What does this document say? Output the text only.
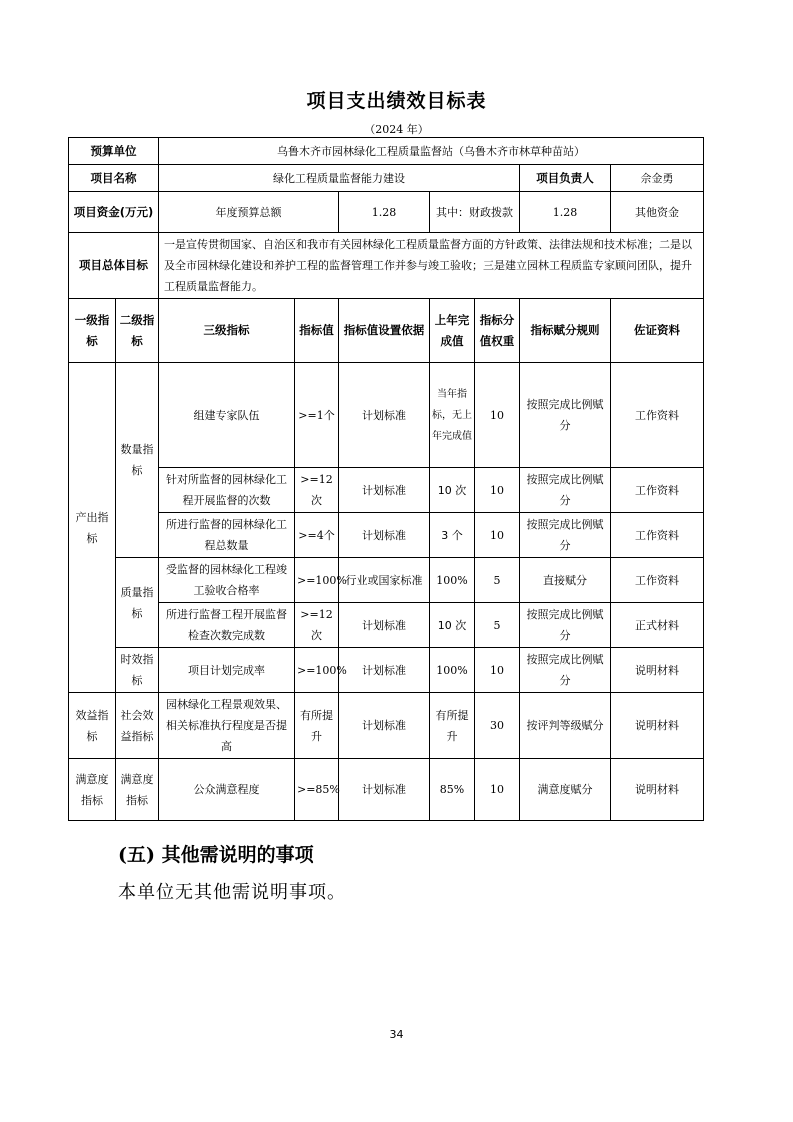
项目支出绩效目标表
（2024 年）
预算单位		乌鲁木齐市园林绿化工程质量监督站（乌鲁木齐市林草种苗站）						
项目名称		绿化工程质量监督能力建设					项目负责人	佘金勇
项目资金(万元)		年度预算总额		1.28	其中：财政拨款		1.28	其他资金
项目总体目标		一是宣传贯彻国家、自治区和我市有关园林绿化工程质量监督方面的方针政策、法律法规和技术标准；二是以及全市园林绿化建设和养护工程的监督管理工作并参与竣工验收；三是建立园林工程质监专家顾问团队，提升工程质量监督能力。						
一级指标	二级指标	三级指标	指标值	指标值设置依据	上年完成值	指标分值权重	指标赋分规则	佐证资料
产出指标	数量指标	组建专家队伍	>=1个	计划标准	当年指标，无上年完成值	10	按照完成比例赋分	工作资料
		针对所监督的园林绿化工程开展监督的次数	>=12次	计划标准	10 次	10	按照完成比例赋分	工作资料
		所进行监督的园林绿化工程总数量	>=4个	计划标准	3 个	10	按照完成比例赋分	工作资料
	质量指标	受监督的园林绿化工程竣工验收合格率	>=100%	行业或国家标准	100%	5	直接赋分	工作资料
		所进行监督工程开展监督检查次数完成数	>=12次	计划标准	10 次	5	按照完成比例赋分	正式材料
	时效指标	项目计划完成率	>=100%	计划标准	100%	10	按照完成比例赋分	说明材料
效益指标	社会效益指标	园林绿化工程景观效果、相关标准执行程度是否提高	有所提升	计划标准	有所提升	30	按评判等级赋分	说明材料
满意度指标	满意度指标	公众满意程度	>=85%	计划标准	85%	10	满意度赋分	说明材料
(五) 其他需说明的事项
本单位无其他需说明事项。
34
